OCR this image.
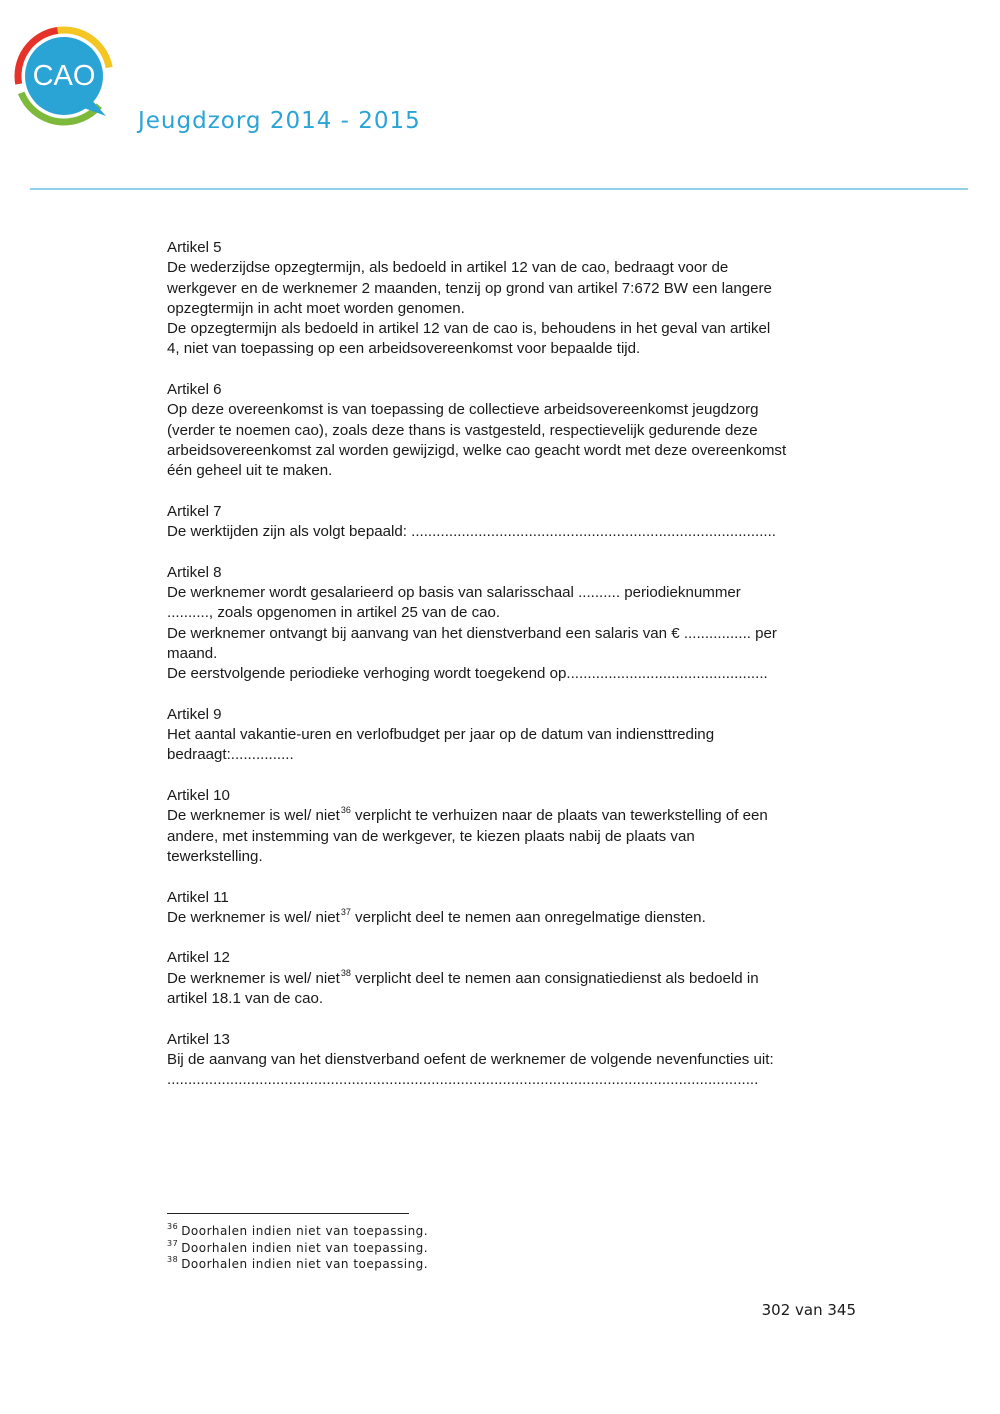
CAO
Jeugdzorg 2014 - 2015

Artikel 5

De wederzijdse opzegtermijn, als bedoeld in artikel 12 van de cao, bedraagt voor de

werkgever en de werknemer 2 maanden, tenzij op grond van artikel 7:672 BW een langere

opzegtermijn in acht moet worden genomen.

De opzegtermijn als bedoeld in artikel 12 van de cao is, behoudens in het geval van artikel

4, niet van toepassing op een arbeidsovereenkomst voor bepaalde tijd.

Artikel 6

Op deze overeenkomst is van toepassing de collectieve arbeidsovereenkomst jeugdzorg

(verder te noemen cao), zoals deze thans is vastgesteld, respectievelijk gedurende deze

arbeidsovereenkomst zal worden gewijzigd, welke cao geacht wordt met deze overeenkomst

één geheel uit te maken.

Artikel 7

De werktijden zijn als volgt bepaald: .......................................................................................

Artikel 8

De werknemer wordt gesalarieerd op basis van salarisschaal .......... periodieknummer

.........., zoals opgenomen in artikel 25 van de cao.

De werknemer ontvangt bij aanvang van het dienstverband een salaris van € ................ per

maand.

De eerstvolgende periodieke verhoging wordt toegekend op................................................

Artikel 9

Het aantal vakantie-uren en verlofbudget per jaar op de datum van indiensttreding

bedraagt:...............

Artikel 10

De werknemer is wel/ niet$^{36}$ verplicht te verhuizen naar de plaats van tewerkstelling of een

andere, met instemming van de werkgever, te kiezen plaats nabij de plaats van

tewerkstelling.

Artikel 11

De werknemer is wel/ niet$^{37}$ verplicht deel te nemen aan onregelmatige diensten.

Artikel 12

De werknemer is wel/ niet$^{38}$ verplicht deel te nemen aan consignatiedienst als bedoeld in

artikel 18.1 van de cao.

Artikel 13

Bij de aanvang van het dienstverband oefent de werknemer de volgende nevenfuncties uit:

.............................................................................................................................................

$^{36}$ Doorhalen indien niet van toepassing.
$^{37}$ Doorhalen indien niet van toepassing.
$^{38}$ Doorhalen indien niet van toepassing.
302 van 345
